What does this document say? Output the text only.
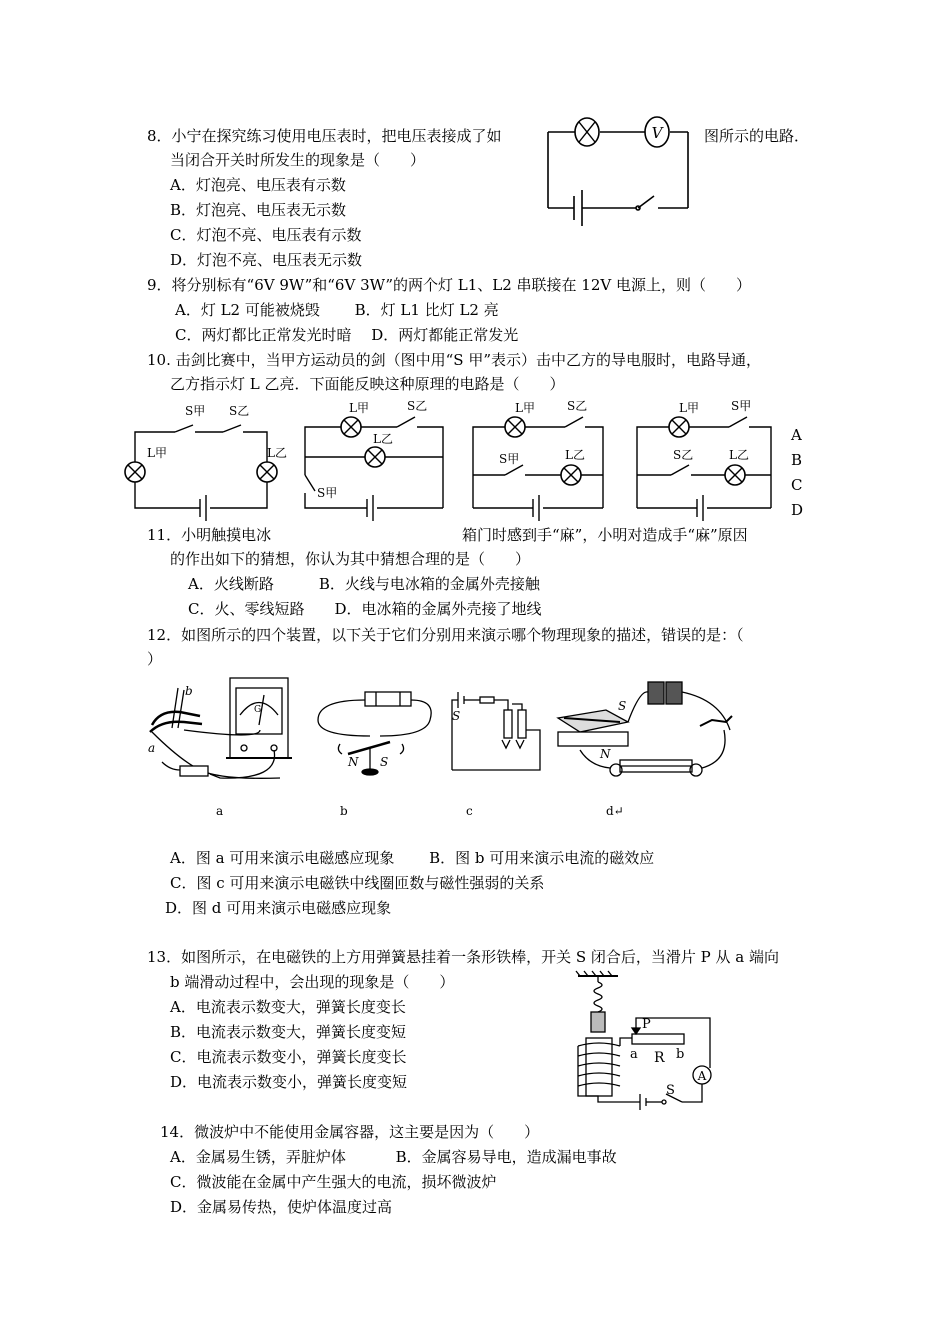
8．小宁在探究练习使用电压表时，把电压表接成了如	图所示的电路．
当闭合开关时所发生的现象是（　　）
A．灯泡亮、电压表有示数
B．灯泡亮、电压表无示数
C．灯泡不亮、电压表有示数
D．灯泡不亮、电压表无示数
V
9．将分别标有“6V 9W”和“6V 3W”的两个灯 L1、L2 串联接在 12V 电源上，则（　　）
A．灯 L2 可能被烧毁　　 B．灯 L1 比灯 L2 亮
C．两灯都比正常发光时暗　 D．两灯都能正常发光
10. 击剑比赛中，当甲方运动员的剑（图中用“S 甲”表示）击中乙方的导电服时，电路导通，
乙方指示灯 L 乙亮．下面能反映这种原理的电路是（　　）
S甲 S乙
L甲	L乙
L甲	S乙
L乙
S甲
L甲	S乙
S甲	L乙
L甲	S甲
S乙	L乙
A
B
C
D
11．小明触摸电冰	箱门时感到手“麻”，小明对造成手“麻”原因
的作出如下的猜想，你认为其中猜想合理的是（　　）
A．火线断路　　　B．火线与电冰箱的金属外壳接触
C．火、零线短路　　D．电冰箱的金属外壳接了地线
12．如图所示的四个装置，以下关于它们分别用来演示哪个物理现象的描述，错误的是：（
）
b
a
G
a
N S
b
S
c
S
N
d↵
A．图 a 可用来演示电磁感应现象　　 B．图 b 可用来演示电流的磁效应
C．图 c 可用来演示电磁铁中线圈匝数与磁性强弱的关系
D．图 d 可用来演示电磁感应现象
13．如图所示，在电磁铁的上方用弹簧悬挂着一条形铁棒，开关 S 闭合后，当滑片 P 从 a 端向
b 端滑动过程中，会出现的现象是（　　）
A．电流表示数变大，弹簧长度变长
B．电流表示数变大，弹簧长度变短
C．电流表示数变小，弹簧长度变长
D．电流表示数变小，弹簧长度变短
P
a R b
S
A
14．微波炉中不能使用金属容器，这主要是因为（　　）
A．金属易生锈，弄脏炉体　　　 B．金属容易导电，造成漏电事故
C．微波能在金属中产生强大的电流，损坏微波炉
D．金属易传热，使炉体温度过高
